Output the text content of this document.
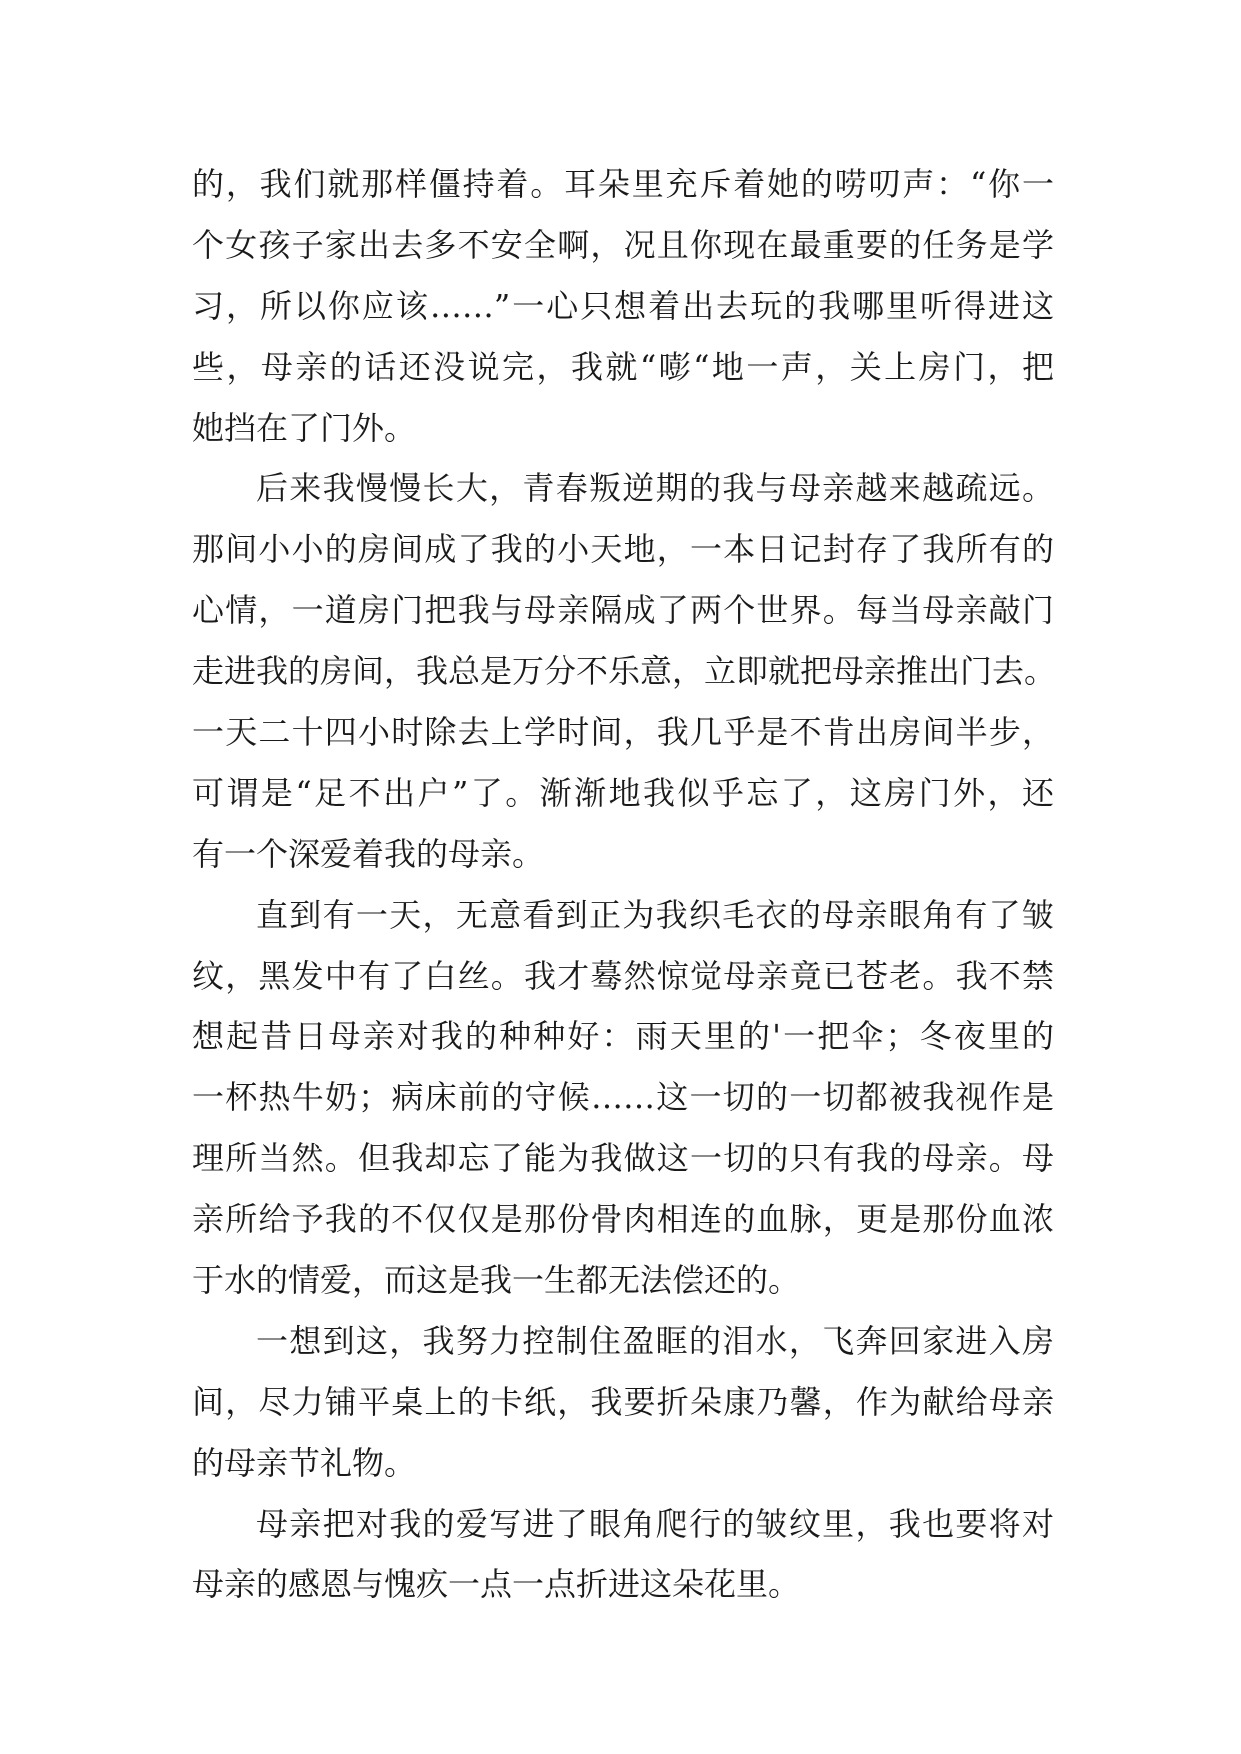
的，我们就那样僵持着。耳朵里充斥着她的唠叨声：“你一
个女孩子家出去多不安全啊，况且你现在最重要的任务是学
习，所以你应该……”一心只想着出去玩的我哪里听得进这
些，母亲的话还没说完，我就“嘭“地一声，关上房门，把
她挡在了门外。
后来我慢慢长大，青春叛逆期的我与母亲越来越疏远。
那间小小的房间成了我的小天地，一本日记封存了我所有的
心情，一道房门把我与母亲隔成了两个世界。每当母亲敲门
走进我的房间，我总是万分不乐意，立即就把母亲推出门去。
一天二十四小时除去上学时间，我几乎是不肯出房间半步，
可谓是“足不出户”了。渐渐地我似乎忘了，这房门外，还
有一个深爱着我的母亲。
直到有一天，无意看到正为我织毛衣的母亲眼角有了皱
纹，黑发中有了白丝。我才蓦然惊觉母亲竟已苍老。我不禁
想起昔日母亲对我的种种好：雨天里的'一把伞；冬夜里的
一杯热牛奶；病床前的守候……这一切的一切都被我视作是
理所当然。但我却忘了能为我做这一切的只有我的母亲。母
亲所给予我的不仅仅是那份骨肉相连的血脉，更是那份血浓
于水的情爱，而这是我一生都无法偿还的。
一想到这，我努力控制住盈眶的泪水，飞奔回家进入房
间，尽力铺平桌上的卡纸，我要折朵康乃馨，作为献给母亲
的母亲节礼物。
母亲把对我的爱写进了眼角爬行的皱纹里，我也要将对
母亲的感恩与愧疚一点一点折进这朵花里。
